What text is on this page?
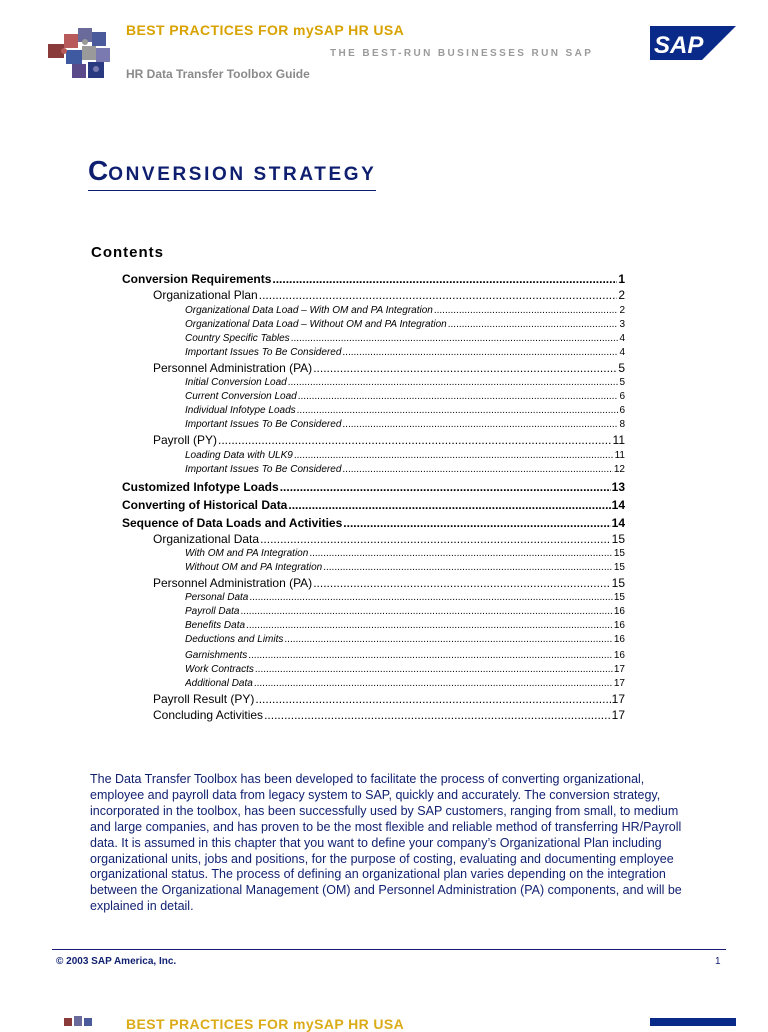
BEST PRACTICES FOR mySAP HR USA
THE BEST-RUN BUSINESSES RUN SAP
HR Data Transfer Toolbox Guide
SAP
CONVERSION STRATEGY
Contents
Conversion Requirements .....	1
Organizational Plan .....	2
Organizational Data Load – With OM and PA Integration .....	2
Organizational Data Load – Without OM and PA Integration .....	3
Country Specific Tables .....	4
Important Issues To Be Considered .....	4
Personnel Administration (PA) .....	5
Initial Conversion Load .....	5
Current Conversion Load .....	6
Individual Infotype Loads .....	6
Important Issues To Be Considered .....	8
Payroll (PY) .....	11
Loading Data with ULK9 .....	11
Important Issues To Be Considered .....	12
Customized Infotype Loads .....	13
Converting of Historical Data .....	14
Sequence of Data Loads and Activities .....	14
Organizational Data .....	15
With OM and PA Integration .....	15
Without OM and PA Integration .....	15
Personnel Administration (PA) .....	15
Personal Data .....	15
Payroll Data .....	16
Benefits Data .....	16
Deductions and Limits .....	16
Garnishments .....	16
Work Contracts .....	17
Additional Data .....	17
Payroll Result (PY) .....	17
Concluding Activities .....	17
The Data Transfer Toolbox has been developed to facilitate the process of converting organizational, employee and payroll data from legacy system to SAP, quickly and accurately. The conversion strategy, incorporated in the toolbox, has been successfully used by SAP customers, ranging from small, to medium and large companies, and has proven to be the most flexible and reliable method of transferring HR/Payroll data. It is assumed in this chapter that you want to define your company’s Organizational Plan including organizational units, jobs and positions, for the purpose of costing, evaluating and documenting employee organizational status. The process of defining an organizational plan varies depending on the integration between the Organizational Management (OM) and Personnel Administration (PA) components, and will be explained in detail.
© 2003 SAP America, Inc.	1
BEST PRACTICES FOR mySAP HR USA
